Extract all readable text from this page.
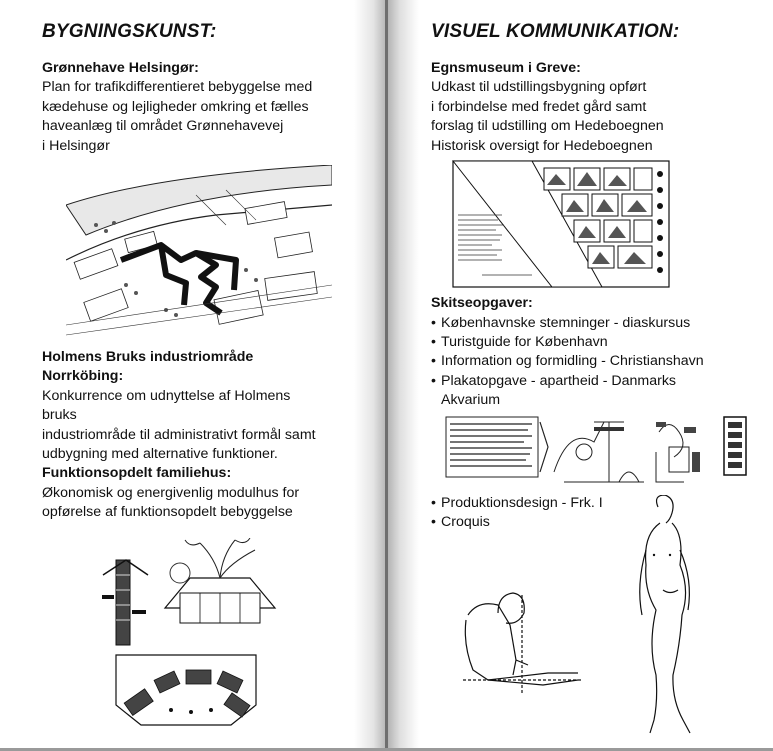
BYGNINGSKUNST:
Grønnehave Helsingør:
Plan for trafikdifferentieret bebyggelse med
kædehuse og lejligheder omkring et fælles
haveanlæg til området Grønnehavevej
i Helsingør
Holmens Bruks industriområde
Norrköbing:
Konkurrence om udnyttelse af Holmens
bruks
industriområde til administrativt formål samt
udbygning med alternative funktioner.
Funktionsopdelt familiehus:
Økonomisk og energivenlig modulhus for
opførelse af funktionsopdelt bebyggelse
VISUEL KOMMUNIKATION:
Egnsmuseum i Greve:
Udkast til udstillingsbygning opført
i forbindelse med fredet gård samt
forslag til udstilling om Hedeboegnen
Historisk oversigt for Hedeboegnen
Skitseopgaver:
• Københavnske stemninger - diaskursus
• Turistguide for København
• Information og formidling - Christianshavn
• Plakatopgave - apartheid - Danmarks
Akvarium
• Produktionsdesign - Frk. I
• Croquis
